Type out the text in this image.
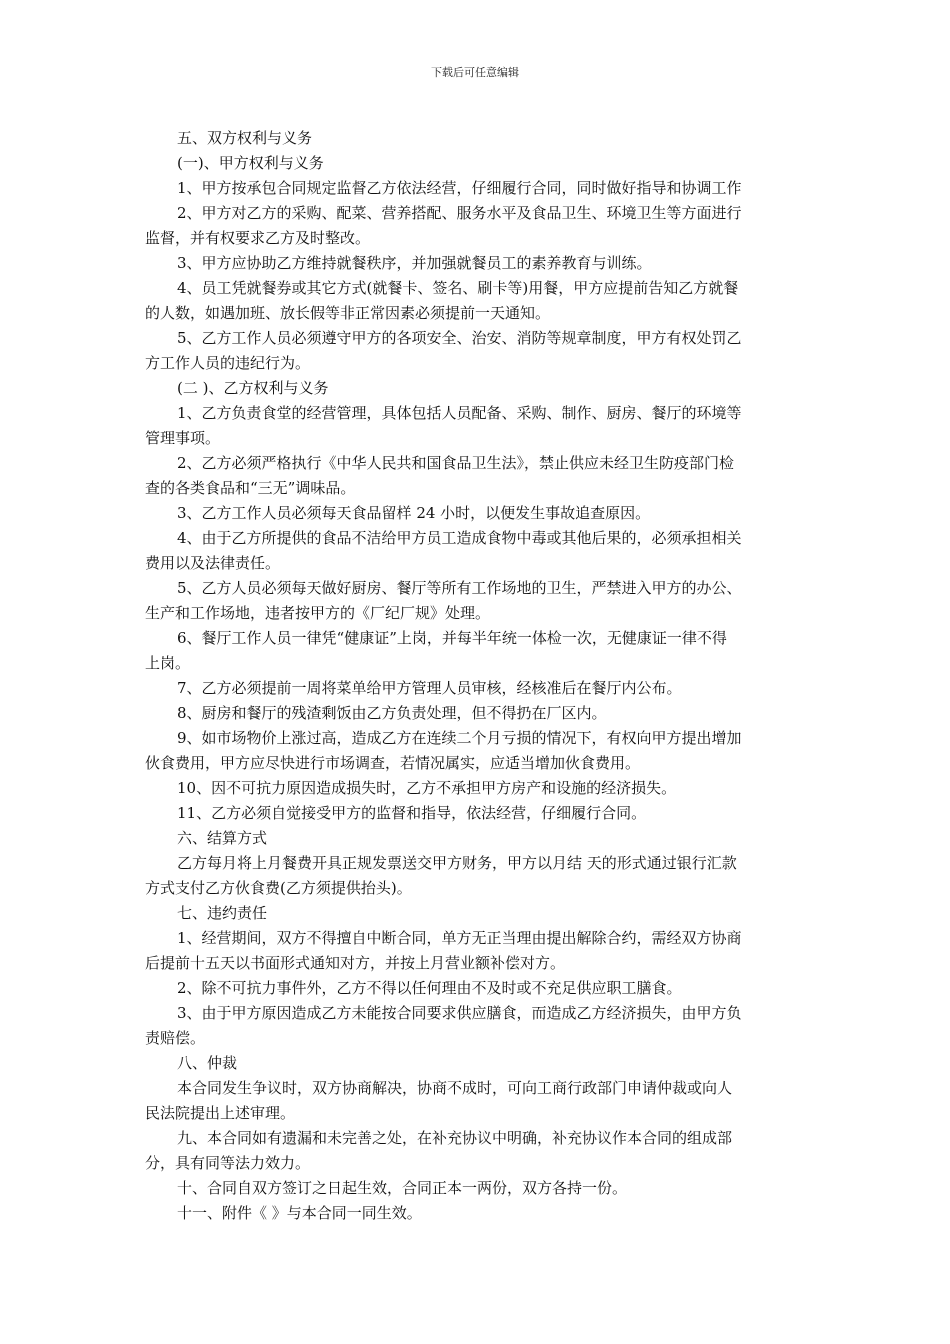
下载后可任意编辑
五、双方权利与义务
(一)、甲方权利与义务
1、甲方按承包合同规定监督乙方依法经营，仔细履行合同，同时做好指导和协调工作
2、甲方对乙方的采购、配菜、营养搭配、服务水平及食品卫生、环境卫生等方面进行
监督，并有权要求乙方及时整改。
3、甲方应协助乙方维持就餐秩序，并加强就餐员工的素养教育与训练。
4、员工凭就餐券或其它方式(就餐卡、签名、刷卡等)用餐，甲方应提前告知乙方就餐
的人数，如遇加班、放长假等非正常因素必须提前一天通知。
5、乙方工作人员必须遵守甲方的各项安全、治安、消防等规章制度，甲方有权处罚乙
方工作人员的违纪行为。
(二 )、乙方权利与义务
1、乙方负责食堂的经营管理，具体包括人员配备、采购、制作、厨房、餐厅的环境等
管理事项。
2、乙方必须严格执行《中华人民共和国食品卫生法》，禁止供应未经卫生防疫部门检
查的各类食品和“三无”调味品。
3、乙方工作人员必须每天食品留样 24 小时，以便发生事故追查原因。
4、由于乙方所提供的食品不洁给甲方员工造成食物中毒或其他后果的，必须承担相关
费用以及法律责任。
5、乙方人员必须每天做好厨房、餐厅等所有工作场地的卫生，严禁进入甲方的办公、
生产和工作场地，违者按甲方的《厂纪厂规》处理。
6、餐厅工作人员一律凭“健康证”上岗，并每半年统一体检一次，无健康证一律不得
上岗。
7、乙方必须提前一周将菜单给甲方管理人员审核，经核准后在餐厅内公布。
8、厨房和餐厅的残渣剩饭由乙方负责处理，但不得扔在厂区内。
9、如市场物价上涨过高，造成乙方在连续二个月亏损的情况下，有权向甲方提出增加
伙食费用，甲方应尽快进行市场调查，若情况属实，应适当增加伙食费用。
10、因不可抗力原因造成损失时，乙方不承担甲方房产和设施的经济损失。
11、乙方必须自觉接受甲方的监督和指导，依法经营，仔细履行合同。
六、结算方式
乙方每月将上月餐费开具正规发票送交甲方财务，甲方以月结 天的形式通过银行汇款
方式支付乙方伙食费(乙方须提供抬头)。
七、违约责任
1、经营期间，双方不得擅自中断合同，单方无正当理由提出解除合约，需经双方协商
后提前十五天以书面形式通知对方，并按上月营业额补偿对方。
2、除不可抗力事件外，乙方不得以任何理由不及时或不充足供应职工膳食。
3、由于甲方原因造成乙方未能按合同要求供应膳食，而造成乙方经济损失，由甲方负
责赔偿。
八、仲裁
本合同发生争议时，双方协商解决，协商不成时，可向工商行政部门申请仲裁或向人
民法院提出上述审理。
九、本合同如有遗漏和未完善之处，在补充协议中明确，补充协议作本合同的组成部
分，具有同等法力效力。
十、合同自双方签订之日起生效，合同正本一两份，双方各持一份。
十一、附件《 》与本合同一同生效。
